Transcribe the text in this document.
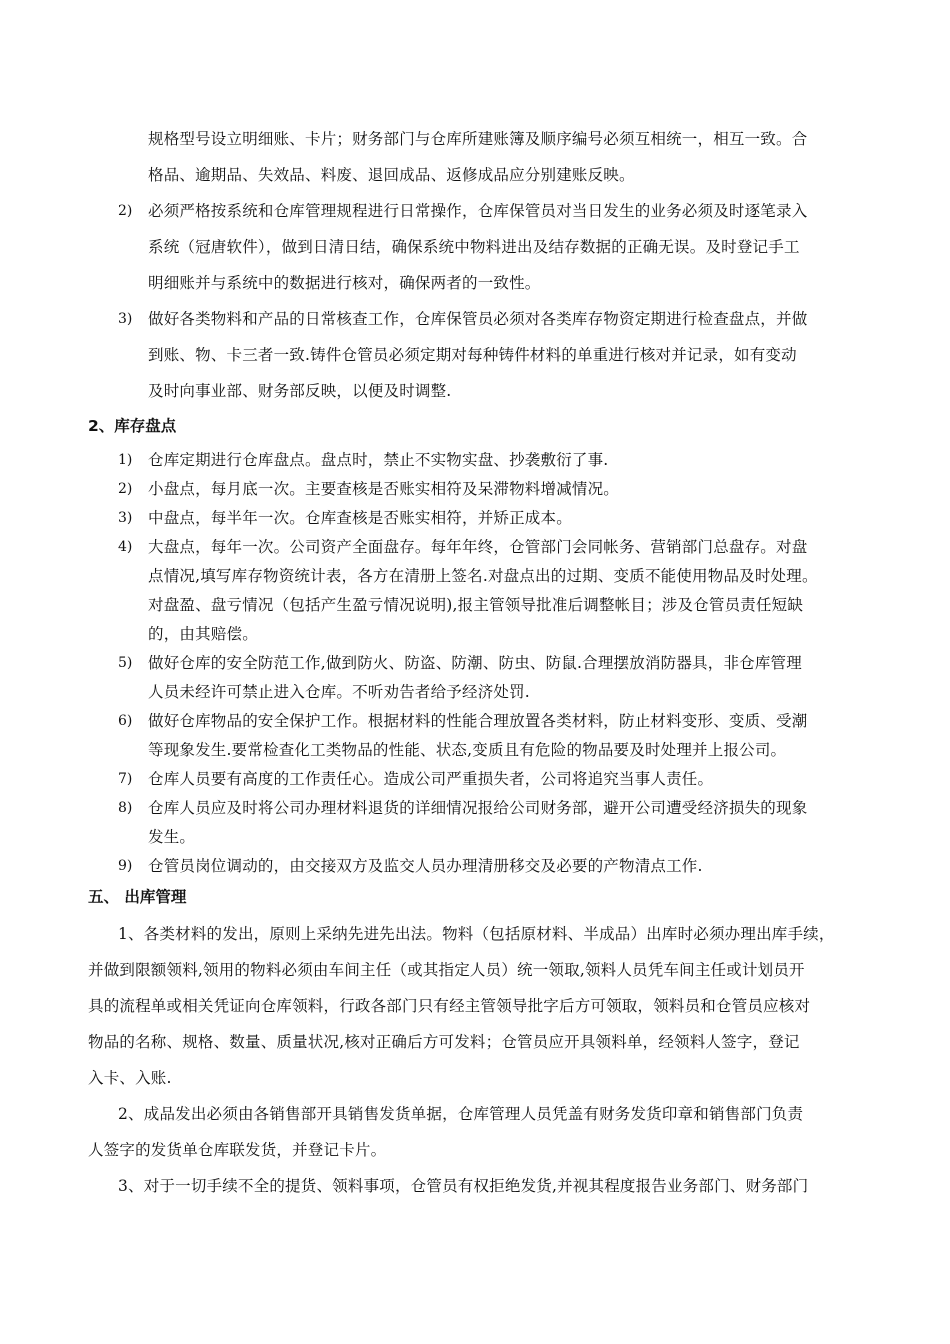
规格型号设立明细账、卡片；财务部门与仓库所建账簿及顺序编号必须互相统一，相互一致。合
格品、逾期品、失效品、料废、退回成品、返修成品应分别建账反映。
2) 必须严格按系统和仓库管理规程进行日常操作，仓库保管员对当日发生的业务必须及时逐笔录入
系统（冠唐软件），做到日清日结，确保系统中物料进出及结存数据的正确无误。及时登记手工
明细账并与系统中的数据进行核对，确保两者的一致性。
3) 做好各类物料和产品的日常核查工作，仓库保管员必须对各类库存物资定期进行检查盘点，并做
到账、物、卡三者一致.铸件仓管员必须定期对每种铸件材料的单重进行核对并记录，如有变动
及时向事业部、财务部反映，以便及时调整.
2、库存盘点
1) 仓库定期进行仓库盘点。盘点时，禁止不实物实盘、抄袭敷衍了事.
2) 小盘点，每月底一次。主要查核是否账实相符及呆滞物料增减情况。
3) 中盘点，每半年一次。仓库查核是否账实相符，并矫正成本。
4) 大盘点，每年一次。公司资产全面盘存。每年年终，仓管部门会同帐务、营销部门总盘存。对盘
点情况,填写库存物资统计表，各方在清册上签名.对盘点出的过期、变质不能使用物品及时处理。
对盘盈、盘亏情况（包括产生盈亏情况说明),报主管领导批准后调整帐目；涉及仓管员责任短缺
的，由其赔偿。
5) 做好仓库的安全防范工作,做到防火、防盗、防潮、防虫、防鼠.合理摆放消防器具，非仓库管理
人员未经许可禁止进入仓库。不听劝告者给予经济处罚.
6) 做好仓库物品的安全保护工作。根据材料的性能合理放置各类材料，防止材料变形、变质、受潮
等现象发生.要常检查化工类物品的性能、状态,变质且有危险的物品要及时处理并上报公司。
7) 仓库人员要有高度的工作责任心。造成公司严重损失者，公司将追究当事人责任。
8) 仓库人员应及时将公司办理材料退货的详细情况报给公司财务部，避开公司遭受经济损失的现象
发生。
9) 仓管员岗位调动的，由交接双方及监交人员办理清册移交及必要的产物清点工作.
五、 出库管理
1、各类材料的发出，原则上采纳先进先出法。物料（包括原材料、半成品）出库时必须办理出库手续，
并做到限额领料,领用的物料必须由车间主任（或其指定人员）统一领取,领料人员凭车间主任或计划员开
具的流程单或相关凭证向仓库领料，行政各部门只有经主管领导批字后方可领取，领料员和仓管员应核对
物品的名称、规格、数量、质量状况,核对正确后方可发料；仓管员应开具领料单，经领料人签字，登记
入卡、入账.
2、成品发出必须由各销售部开具销售发货单据，仓库管理人员凭盖有财务发货印章和销售部门负责
人签字的发货单仓库联发货，并登记卡片。
3、对于一切手续不全的提货、领料事项，仓管员有权拒绝发货,并视其程度报告业务部门、财务部门
